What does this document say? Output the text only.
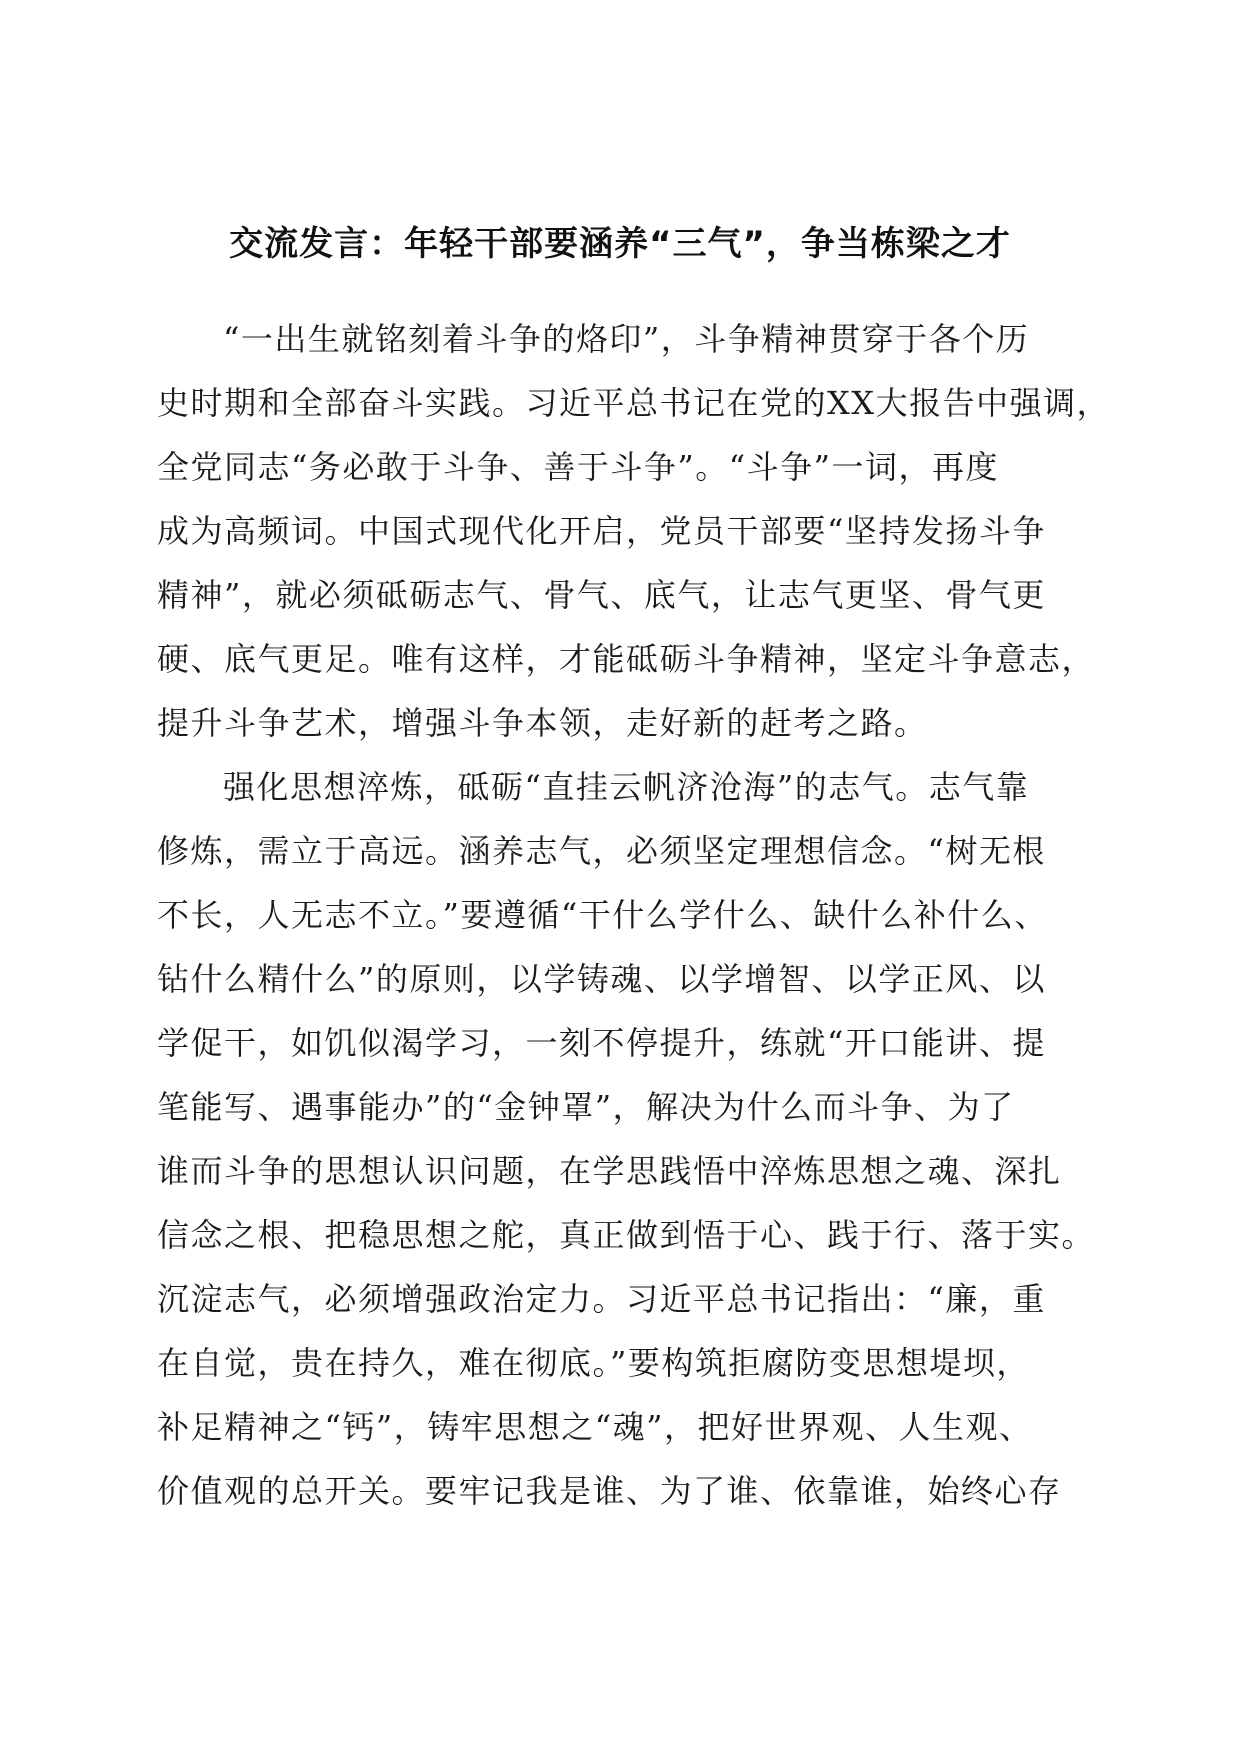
交流发言：年轻干部要涵养“三气”，争当栋梁之才
“一出生就铭刻着斗争的烙印”，斗争精神贯穿于各个历
史时期和全部奋斗实践。习近平总书记在党的XX大报告中强调，
全党同志“务必敢于斗争、善于斗争”。“斗争”一词，再度
成为高频词。中国式现代化开启，党员干部要“坚持发扬斗争
精神”，就必须砥砺志气、骨气、底气，让志气更坚、骨气更
硬、底气更足。唯有这样，才能砥砺斗争精神，坚定斗争意志，
提升斗争艺术，增强斗争本领，走好新的赶考之路。
强化思想淬炼，砥砺“直挂云帆济沧海”的志气。志气靠
修炼，需立于高远。涵养志气，必须坚定理想信念。“树无根
不长，人无志不立。”要遵循“干什么学什么、缺什么补什么、
钻什么精什么”的原则，以学铸魂、以学增智、以学正风、以
学促干，如饥似渴学习，一刻不停提升，练就“开口能讲、提
笔能写、遇事能办”的“金钟罩”，解决为什么而斗争、为了
谁而斗争的思想认识问题，在学思践悟中淬炼思想之魂、深扎
信念之根、把稳思想之舵，真正做到悟于心、践于行、落于实。
沉淀志气，必须增强政治定力。习近平总书记指出：“廉，重
在自觉，贵在持久，难在彻底。”要构筑拒腐防变思想堤坝，
补足精神之“钙”，铸牢思想之“魂”，把好世界观、人生观、
价值观的总开关。要牢记我是谁、为了谁、依靠谁，始终心存
